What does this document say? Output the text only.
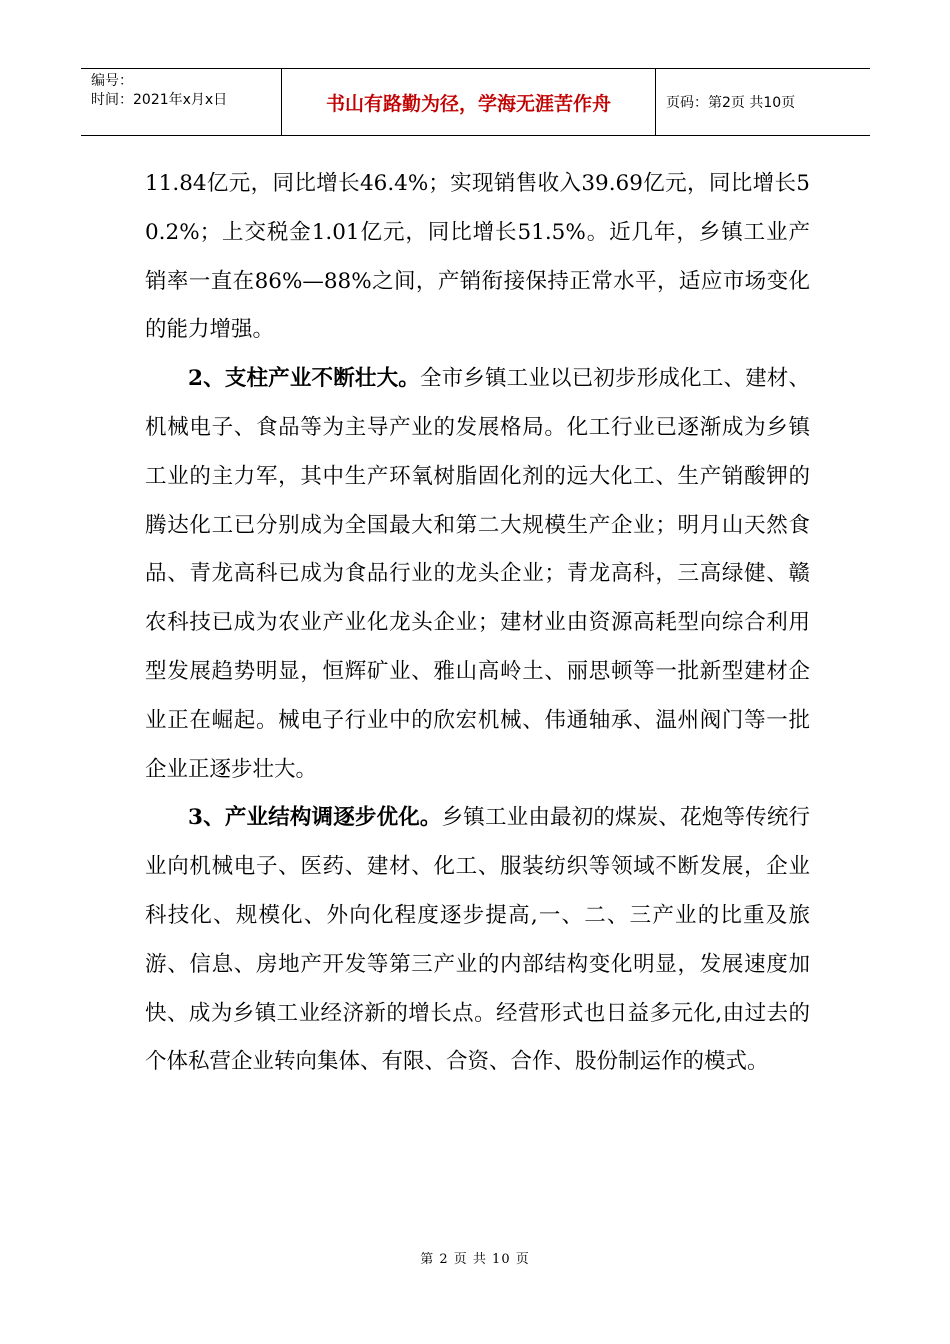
编号：
时间：2021年x月x日	书山有路勤为径，学海无涯苦作舟	页码：第2页 共10页

11.84亿元，同比增长46.4%；实现销售收入39.69亿元，同比增长50.2%；上交税金1.01亿元，同比增长51.5%。近几年，乡镇工业产销率一直在86%—88%之间，产销衔接保持正常水平，适应市场变化的能力增强。

2、支柱产业不断壮大。全市乡镇工业以已初步形成化工、建材、机械电子、食品等为主导产业的发展格局。化工行业已逐渐成为乡镇工业的主力军，其中生产环氧树脂固化剂的远大化工、生产销酸钾的腾达化工已分别成为全国最大和第二大规模生产企业；明月山天然食品、青龙高科已成为食品行业的龙头企业；青龙高科，三高绿健、赣农科技已成为农业产业化龙头企业；建材业由资源高耗型向综合利用型发展趋势明显，恒辉矿业、雅山高岭土、丽思顿等一批新型建材企业正在崛起。械电子行业中的欣宏机械、伟通轴承、温州阀门等一批企业正逐步壮大。

3、产业结构调逐步优化。乡镇工业由最初的煤炭、花炮等传统行业向机械电子、医药、建材、化工、服装纺织等领域不断发展，企业科技化、规模化、外向化程度逐步提高,一、二、三产业的比重及旅游、信息、房地产开发等第三产业的内部结构变化明显，发展速度加快、成为乡镇工业经济新的增长点。经营形式也日益多元化,由过去的个体私营企业转向集体、有限、合资、合作、股份制运作的模式。

第 2 页 共 10 页
